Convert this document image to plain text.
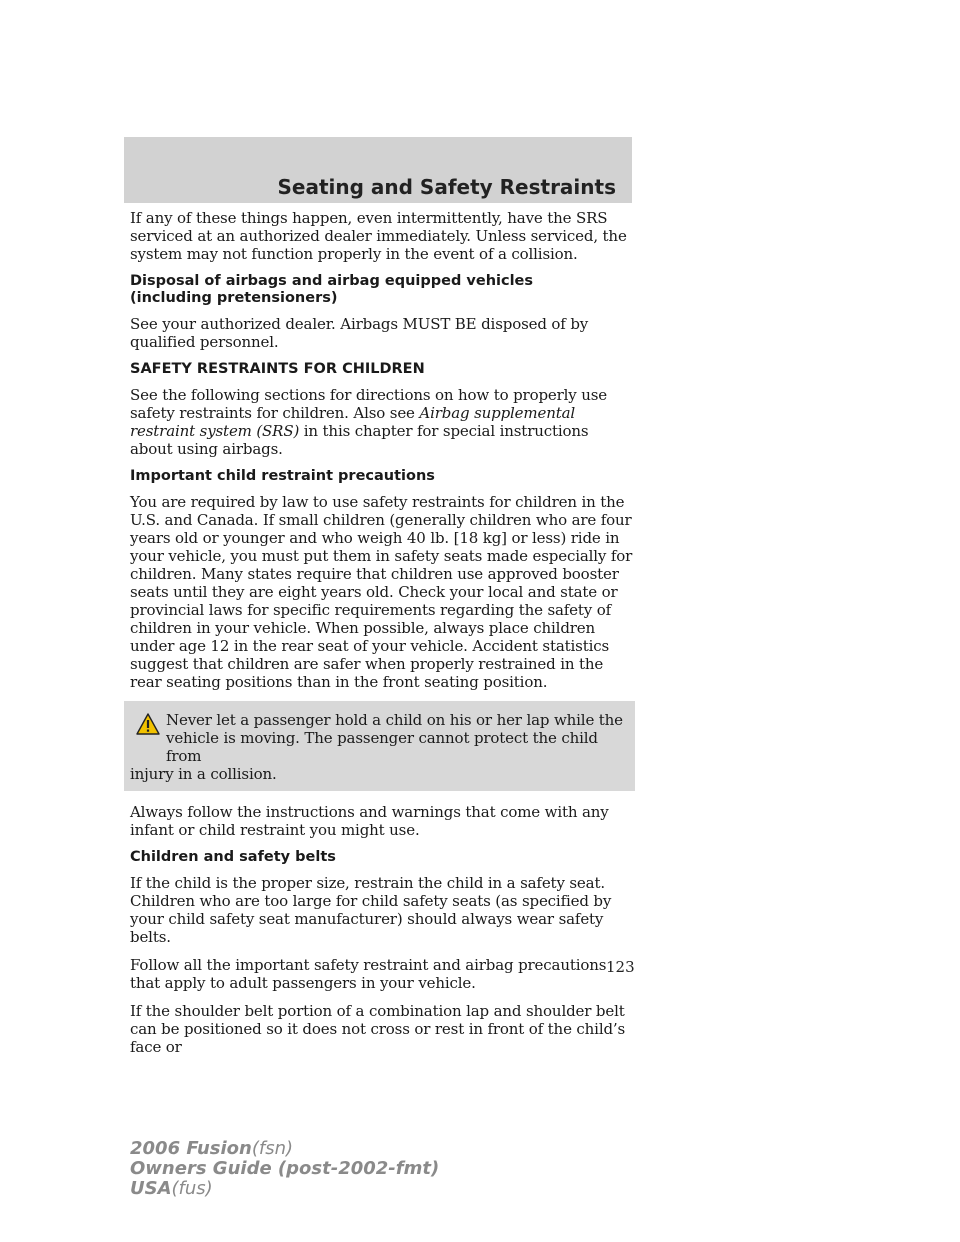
Seating and Safety Restraints

If any of these things happen, even intermittently, have the SRS serviced at an authorized dealer immediately. Unless serviced, the system may not function properly in the event of a collision.

Disposal of airbags and airbag equipped vehicles
(including pretensioners)

See your authorized dealer. Airbags MUST BE disposed of by qualified personnel.

SAFETY RESTRAINTS FOR CHILDREN

See the following sections for directions on how to properly use safety restraints for children. Also see Airbag supplemental restraint system (SRS) in this chapter for special instructions about using airbags.

Important child restraint precautions

You are required by law to use safety restraints for children in the U.S. and Canada. If small children (generally children who are four years old or younger and who weigh 40 lb. [18 kg] or less) ride in your vehicle, you must put them in safety seats made especially for children. Many states require that children use approved booster seats until they are eight years old. Check your local and state or provincial laws for specific requirements regarding the safety of children in your vehicle. When possible, always place children under age 12 in the rear seat of your vehicle. Accident statistics suggest that children are safer when properly restrained in the rear seating positions than in the front seating position.

Never let a passenger hold a child on his or her lap while the

vehicle is moving. The passenger cannot protect the child from

injury in a collision.

Always follow the instructions and warnings that come with any infant or child restraint you might use.

Children and safety belts

If the child is the proper size, restrain the child in a safety seat. Children who are too large for child safety seats (as specified by your child safety seat manufacturer) should always wear safety belts.

Follow all the important safety restraint and airbag precautions that apply to adult passengers in your vehicle.

If the shoulder belt portion of a combination lap and shoulder belt can be positioned so it does not cross or rest in front of the child’s face or

123
2006 Fusion(fsn)
Owners Guide (post-2002-fmt)
USA(fus)
